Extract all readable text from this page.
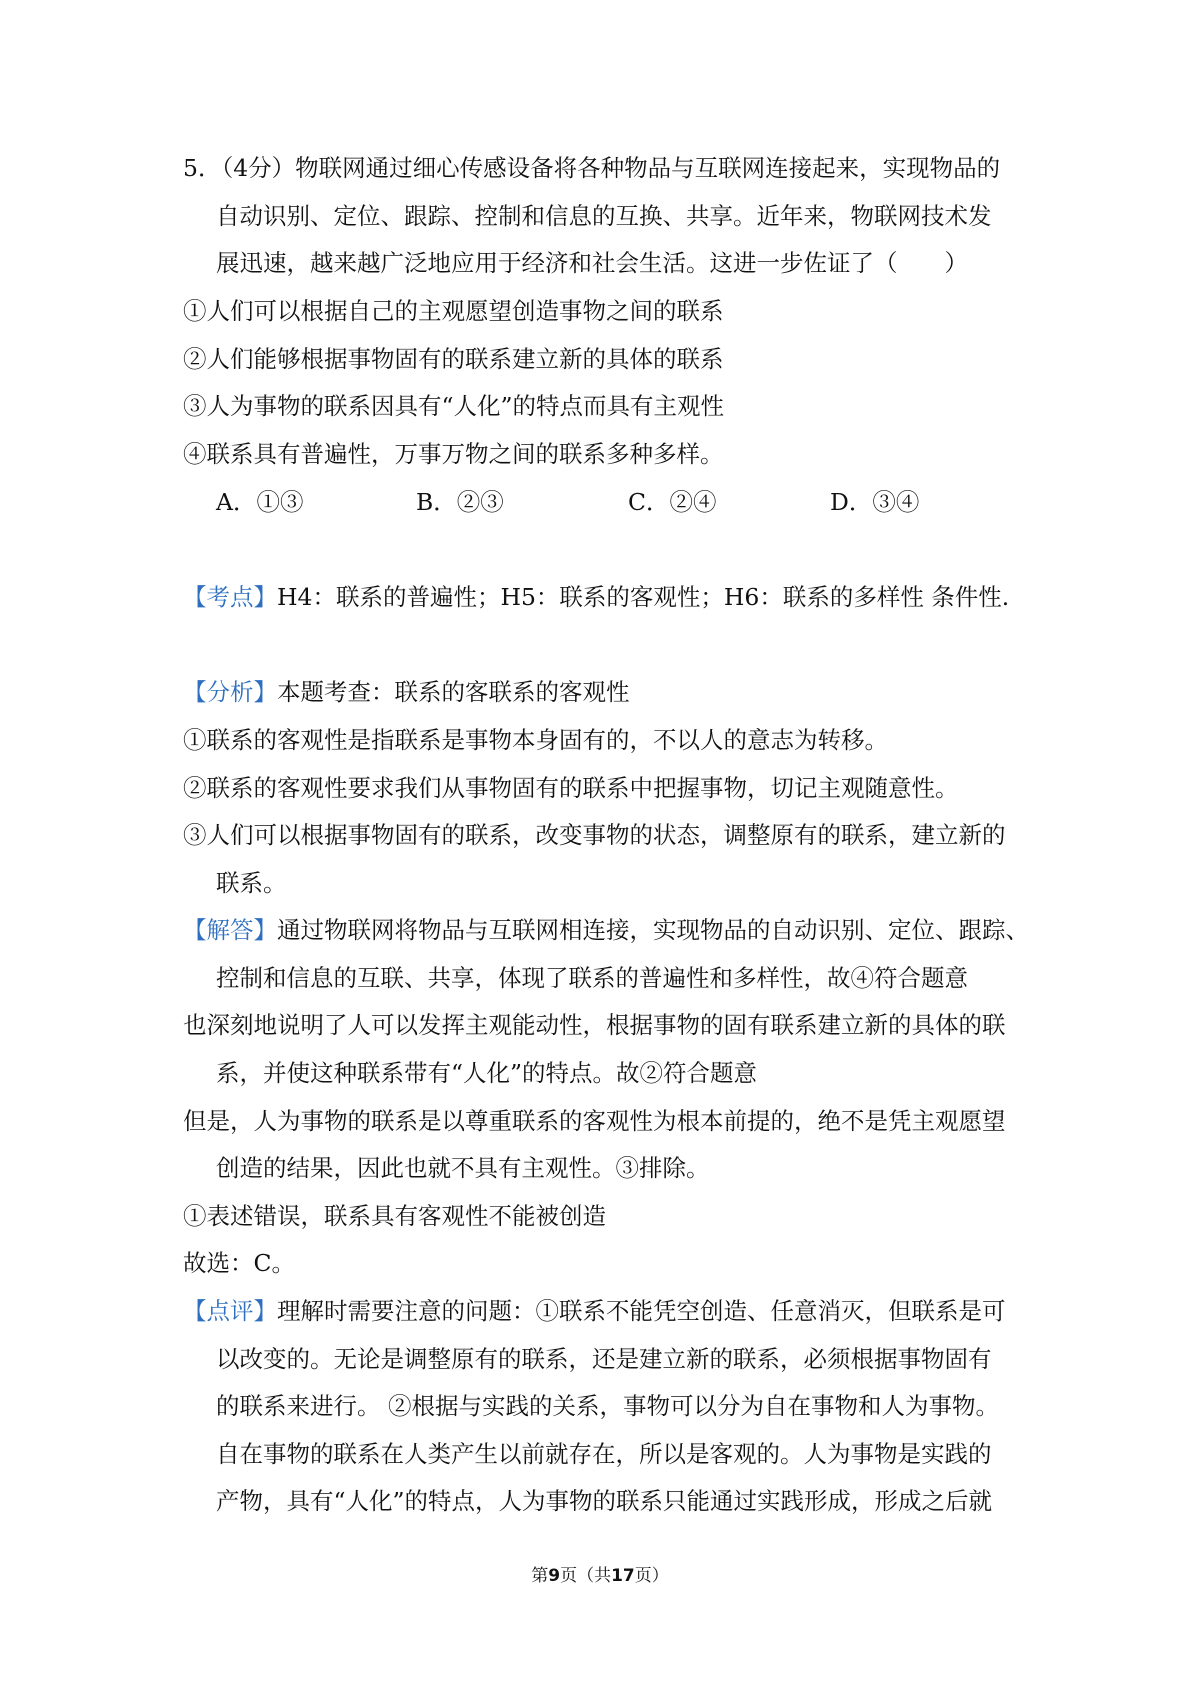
5．（4分）物联网通过细心传感设备将各种物品与互联网连接起来，实现物品的
自动识别、定位、跟踪、控制和信息的互换、共享。近年来，物联网技术发
展迅速，越来越广泛地应用于经济和社会生活。这进一步佐证了（　　）
①人们可以根据自己的主观愿望创造事物之间的联系
②人们能够根据事物固有的联系建立新的具体的联系
③人为事物的联系因具有“人化”的特点而具有主观性
④联系具有普遍性，万事万物之间的联系多种多样。
A．①③	B．②③	C．②④	D．③④
【考点】H4：联系的普遍性；H5：联系的客观性；H6：联系的多样性 条件性.
【分析】本题考查：联系的客联系的客观性
①联系的客观性是指联系是事物本身固有的，不以人的意志为转移。
②联系的客观性要求我们从事物固有的联系中把握事物，切记主观随意性。
③人们可以根据事物固有的联系，改变事物的状态，调整原有的联系，建立新的
联系。
【解答】通过物联网将物品与互联网相连接，实现物品的自动识别、定位、跟踪、
控制和信息的互联、共享，体现了联系的普遍性和多样性，故④符合题意
也深刻地说明了人可以发挥主观能动性，根据事物的固有联系建立新的具体的联
系，并使这种联系带有“人化”的特点。故②符合题意
但是，人为事物的联系是以尊重联系的客观性为根本前提的，绝不是凭主观愿望
创造的结果，因此也就不具有主观性。③排除。
①表述错误，联系具有客观性不能被创造
故选：C。
【点评】理解时需要注意的问题：①联系不能凭空创造、任意消灭，但联系是可
以改变的。无论是调整原有的联系，还是建立新的联系，必须根据事物固有
的联系来进行。 ②根据与实践的关系，事物可以分为自在事物和人为事物。
自在事物的联系在人类产生以前就存在，所以是客观的。人为事物是实践的
产物，具有“人化”的特点，人为事物的联系只能通过实践形成，形成之后就
第9页（共17页）
